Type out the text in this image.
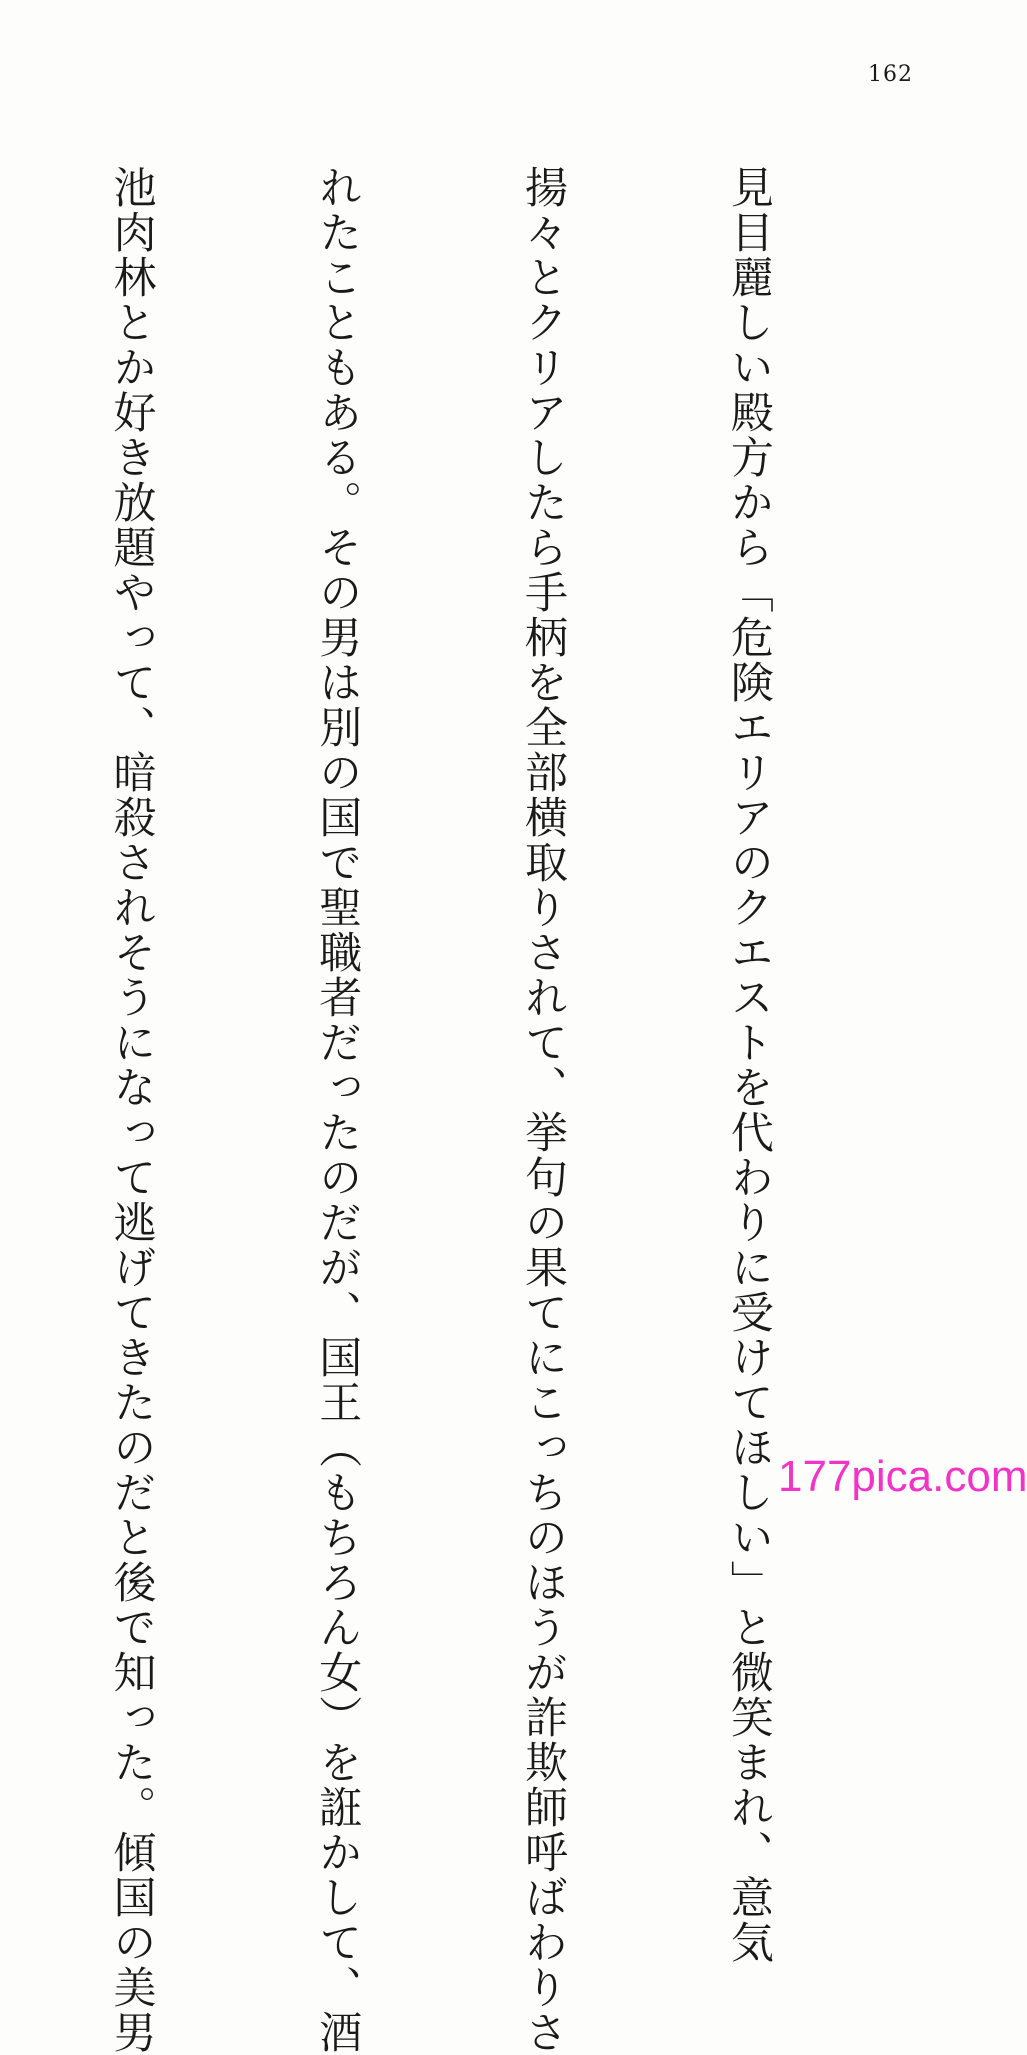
162

見目麗しい殿方から「危険エリアのクエストを代わりに受けてほしい」と微笑まれ、意気

揚々とクリアしたら手柄を全部横取りされて、挙句の果てにこっちのほうが詐欺師呼ばわりさ

れたこともある。その男は別の国で聖職者だったのだが、国王（もちろん女）を誑かして、酒

池肉林とか好き放題やって、暗殺されそうになって逃げてきたのだと後で知った。傾国の美男

	177pica.com
